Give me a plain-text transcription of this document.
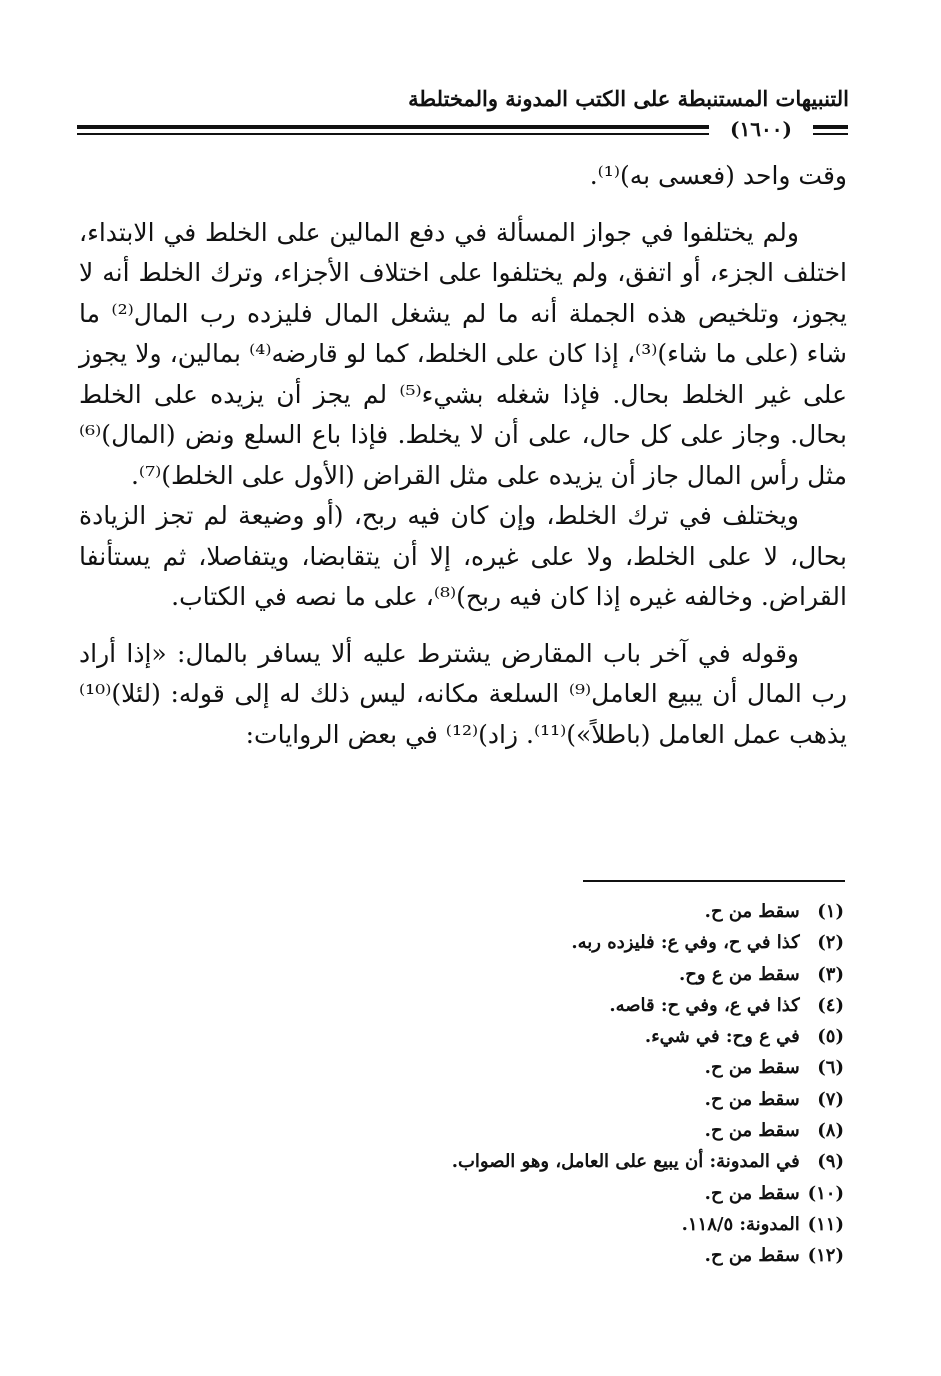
التنبيهات المستنبطة على الكتب المدونة والمختلطة
(١٦٠٠)

وقت واحد (فعسى به)⁽¹⁾.

ولم يختلفوا في جواز المسألة في دفع المالين على الخلط في الابتداء، اختلف الجزء، أو اتفق، ولم يختلفوا على اختلاف الأجزاء، وترك الخلط أنه لا يجوز، وتلخيص هذه الجملة أنه ما لم يشغل المال فليزده رب المال⁽²⁾ ما شاء (على ما شاء)⁽³⁾، إذا كان على الخلط، كما لو قارضه⁽⁴⁾ بمالين، ولا يجوز على غير الخلط بحال. فإذا شغله بشيء⁽⁵⁾ لم يجز أن يزيده على الخلط بحال. وجاز على كل حال، على أن لا يخلط. فإذا باع السلع ونض (المال)⁽⁶⁾ مثل رأس المال جاز أن يزيده على مثل القراض (الأول على الخلط)⁽⁷⁾.

ويختلف في ترك الخلط، وإن كان فيه ربح، (أو وضيعة لم تجز الزيادة بحال، لا على الخلط، ولا على غيره، إلا أن يتقابضا، ويتفاصلا، ثم يستأنفا القراض. وخالفه غيره إذا كان فيه ربح)⁽⁸⁾، على ما نصه في الكتاب.

وقوله في آخر باب المقارض يشترط عليه ألا يسافر بالمال: «إذا أراد رب المال أن يبيع العامل⁽⁹⁾ السلعة مكانه، ليس ذلك له إلى قوله: (لئلا)⁽¹⁰⁾ يذهب عمل العامل (باطلاً»)⁽¹¹⁾. زاد)⁽¹²⁾ في بعض الروايات:

(١) سقط من ح.
(٢) كذا في ح، وفي ع: فليزده ربه.
(٣) سقط من ع وح.
(٤) كذا في ع، وفي ح: قاصه.
(٥) في ع وح: في شيء.
(٦) سقط من ح.
(٧) سقط من ح.
(٨) سقط من ح.
(٩) في المدونة: أن يبيع على العامل، وهو الصواب.
(١٠) سقط من ح.
(١١) المدونة: ١١٨/٥.
(١٢) سقط من ح.
